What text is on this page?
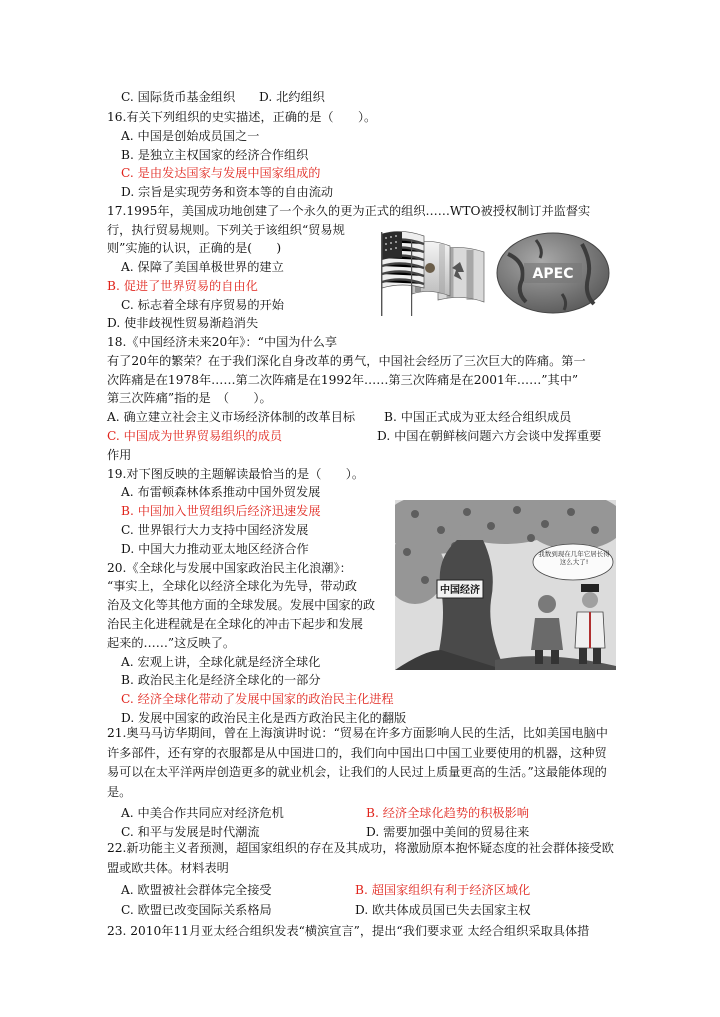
C. 国际货币基金组织 D. 北约组织
16.有关下列组织的史实描述，正确的是（　　）。
A. 中国是创始成员国之一
B. 是独立主权国家的经济合作组织
C. 是由发达国家与发展中国家组成的
D. 宗旨是实现劳务和资本等的自由流动
17.1995年，美国成功地创建了一个永久的更为正式的组织……WTO被授权制订并监督实
行，执行贸易规则。下列关于该组织“贸易规
则”实施的认识，正确的是(　　)
A. 保障了美国单极世界的建立
B. 促进了世界贸易的自由化
C. 标志着全球有序贸易的开始
D. 使非歧视性贸易渐趋消失
APEC
18.《中国经济未来20年》：“中国为什么享
有了20年的繁荣？在于我们深化自身改革的勇气，中国社会经历了三次巨大的阵痛。第一
次阵痛是在1978年……第二次阵痛是在1992年……第三次阵痛是在2001年……”其中”
第三次阵痛”指的是　（　　）。
A. 确立建立社会主义市场经济体制的改革目标 B. 中国正式成为亚太经合组织成员
C. 中国成为世界贸易组织的成员	D. 中国在朝鲜核问题六方会谈中发挥重要
作用
19.对下图反映的主题解读最恰当的是（　　）。
A. 布雷顿森林体系推动中国外贸发展
B. 中国加入世贸组织后经济迅速发展
C. 世界银行大力支持中国经济发展
D. 中国大力推动亚太地区经济合作
中国经济
我数到现在几年它居长得这么大了!
20.《全球化与发展中国家政治民主化浪潮》：
“事实上，全球化以经济全球化为先导，带动政
治及文化等其他方面的全球发展。发展中国家的政
治民主化进程就是在全球化的冲击下起步和发展
起来的……”这反映了。
A. 宏观上讲，全球化就是经济全球化
B. 政治民主化是经济全球化的一部分
C. 经济全球化带动了发展中国家的政治民主化进程
D. 发展中国家的政治民主化是西方政治民主化的翻版
21.奥马马访华期间，曾在上海演讲时说：“贸易在许多方面影响人民的生活，比如美国电脑中许多部件，还有穿的衣服都是从中国进口的，我们向中国出口中国工业要使用的机器，这种贸易可以在太平洋两岸创造更多的就业机会，让我们的人民过上质量更高的生活。”这最能体现的是。
A. 中美合作共同应对经济危机	B. 经济全球化趋势的积极影响
C. 和平与发展是时代潮流	D. 需要加强中美间的贸易往来
22.新功能主义者预测，超国家组织的存在及其成功，将激励原本抱怀疑态度的社会群体接受欧盟或欧共体。材料表明
A. 欧盟被社会群体完全接受	B. 超国家组织有利于经济区域化
C. 欧盟已改变国际关系格局	D. 欧共体成员国已失去国家主权
23. 2010年11月亚太经合组织发表“横滨宣言”，提出“我们要求亚 太经合组织采取具体措
